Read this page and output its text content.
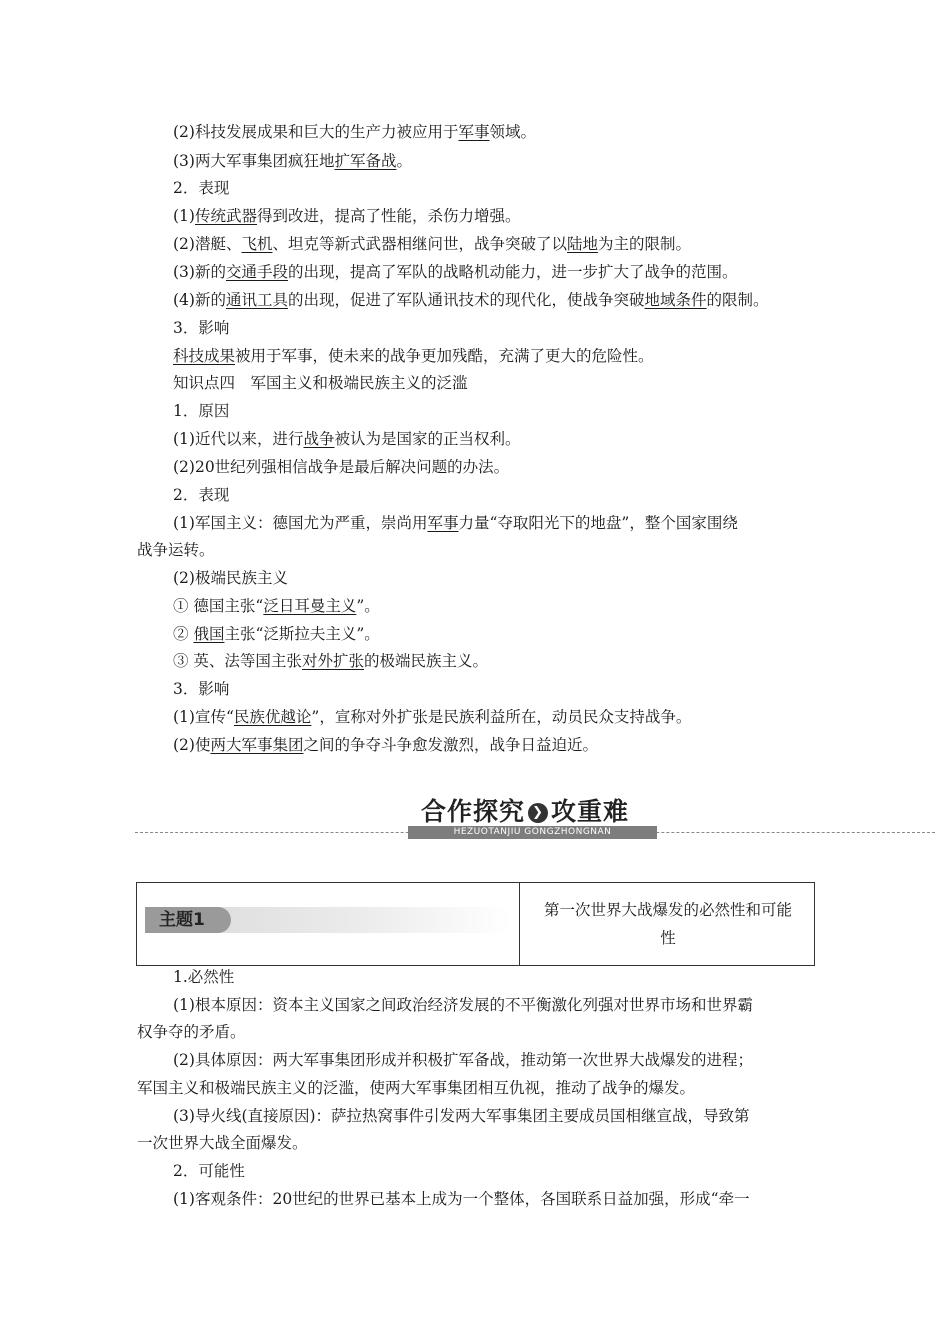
(2)科技发展成果和巨大的生产力被应用于军事领域。
(3)两大军事集团疯狂地扩军备战。
2．表现
(1)传统武器得到改进，提高了性能，杀伤力增强。
(2)潜艇、飞机、坦克等新式武器相继问世，战争突破了以陆地为主的限制。
(3)新的交通手段的出现，提高了军队的战略机动能力，进一步扩大了战争的范围。
(4)新的通讯工具的出现，促进了军队通讯技术的现代化，使战争突破地域条件的限制。
3．影响
科技成果被用于军事，使未来的战争更加残酷，充满了更大的危险性。
知识点四　军国主义和极端民族主义的泛滥
1．原因
(1)近代以来，进行战争被认为是国家的正当权利。
(2)20世纪列强相信战争是最后解决问题的办法。
2．表现
(1)军国主义：德国尤为严重，崇尚用军事力量“夺取阳光下的地盘”，整个国家围绕
战争运转。
(2)极端民族主义
① 德国主张“泛日耳曼主义”。
② 俄国主张“泛斯拉夫主义”。
③ 英、法等国主张对外扩张的极端民族主义。
3．影响
(1)宣传“民族优越论”，宣称对外扩张是民族利益所在，动员民众支持战争。
(2)使两大军事集团之间的争夺斗争愈发激烈，战争日益迫近。
合作探究 ❯ 攻重难
HEZUOTANJIU GONGZHONGNAN
主题1	第一次世界大战爆发的必然性和可能
性
1.必然性
(1)根本原因：资本主义国家之间政治经济发展的不平衡激化列强对世界市场和世界霸
权争夺的矛盾。
(2)具体原因：两大军事集团形成并积极扩军备战，推动第一次世界大战爆发的进程；
军国主义和极端民族主义的泛滥，使两大军事集团相互仇视，推动了战争的爆发。
(3)导火线(直接原因)：萨拉热窝事件引发两大军事集团主要成员国相继宣战，导致第
一次世界大战全面爆发。
2．可能性
(1)客观条件：20世纪的世界已基本上成为一个整体，各国联系日益加强，形成“牵一
